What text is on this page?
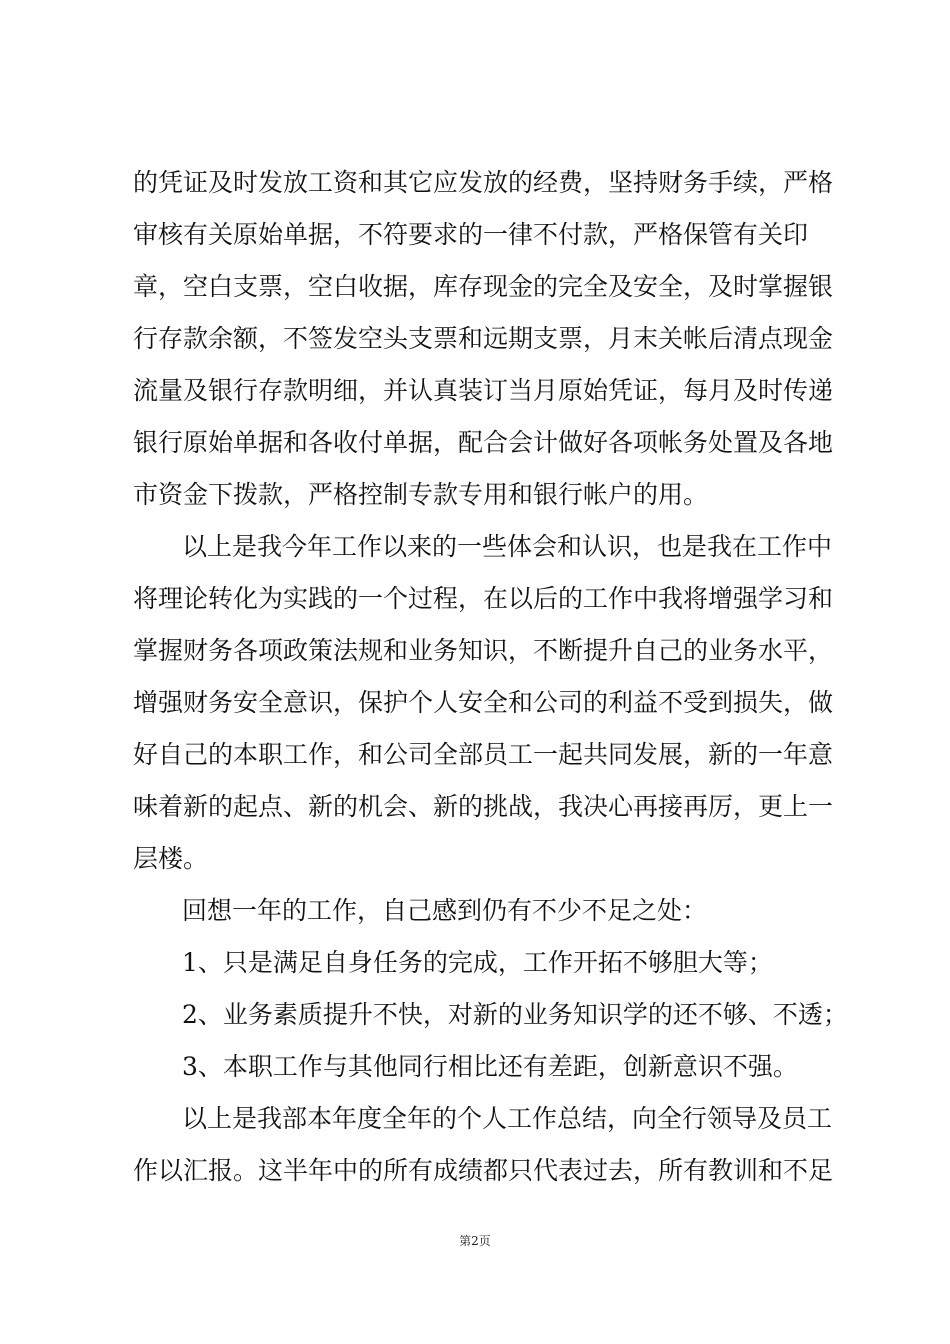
的凭证及时发放工资和其它应发放的经费，坚持财务手续，严格
审核有关原始单据，不符要求的一律不付款，严格保管有关印
章，空白支票，空白收据，库存现金的完全及安全，及时掌握银
行存款余额，不签发空头支票和远期支票，月末关帐后清点现金
流量及银行存款明细，并认真装订当月原始凭证，每月及时传递
银行原始单据和各收付单据，配合会计做好各项帐务处置及各地
市资金下拨款，严格控制专款专用和银行帐户的用。
以上是我今年工作以来的一些体会和认识，也是我在工作中
将理论转化为实践的一个过程，在以后的工作中我将增强学习和
掌握财务各项政策法规和业务知识，不断提升自己的业务水平，
增强财务安全意识，保护个人安全和公司的利益不受到损失，做
好自己的本职工作，和公司全部员工一起共同发展，新的一年意
味着新的起点、新的机会、新的挑战，我决心再接再厉，更上一
层楼。
回想一年的工作，自己感到仍有不少不足之处：
1、只是满足自身任务的完成，工作开拓不够胆大等；
2、业务素质提升不快，对新的业务知识学的还不够、不透；
3、本职工作与其他同行相比还有差距，创新意识不强。
以上是我部本年度全年的个人工作总结，向全行领导及员工
作以汇报。这半年中的所有成绩都只代表过去，所有教训和不足
第2页
